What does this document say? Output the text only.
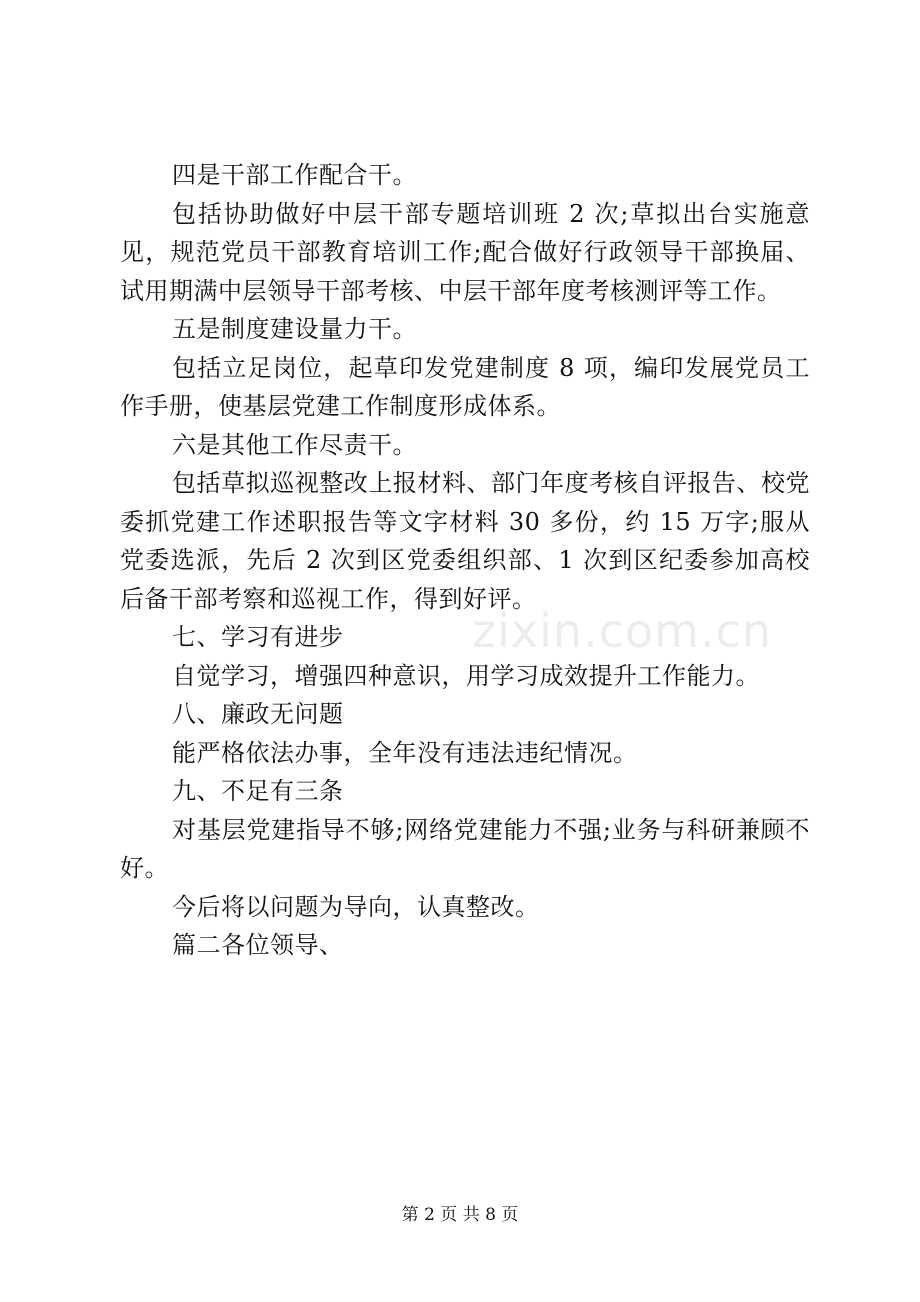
四是干部工作配合干。

包括协助做好中层干部专题培训班 2 次;草拟出台实施意见，规范党员干部教育培训工作;配合做好行政领导干部换届、试用期满中层领导干部考核、中层干部年度考核测评等工作。

五是制度建设量力干。

包括立足岗位，起草印发党建制度 8 项，编印发展党员工作手册，使基层党建工作制度形成体系。

六是其他工作尽责干。

包括草拟巡视整改上报材料、部门年度考核自评报告、校党委抓党建工作述职报告等文字材料 30 多份，约 15 万字;服从党委选派，先后 2 次到区党委组织部、1 次到区纪委参加高校后备干部考察和巡视工作，得到好评。

七、学习有进步

自觉学习，增强四种意识，用学习成效提升工作能力。

八、廉政无问题

能严格依法办事，全年没有违法违纪情况。

九、不足有三条

对基层党建指导不够;网络党建能力不强;业务与科研兼顾不好。

今后将以问题为导向，认真整改。

篇二各位领导、

zixin.com.cn
第 2 页 共 8 页
